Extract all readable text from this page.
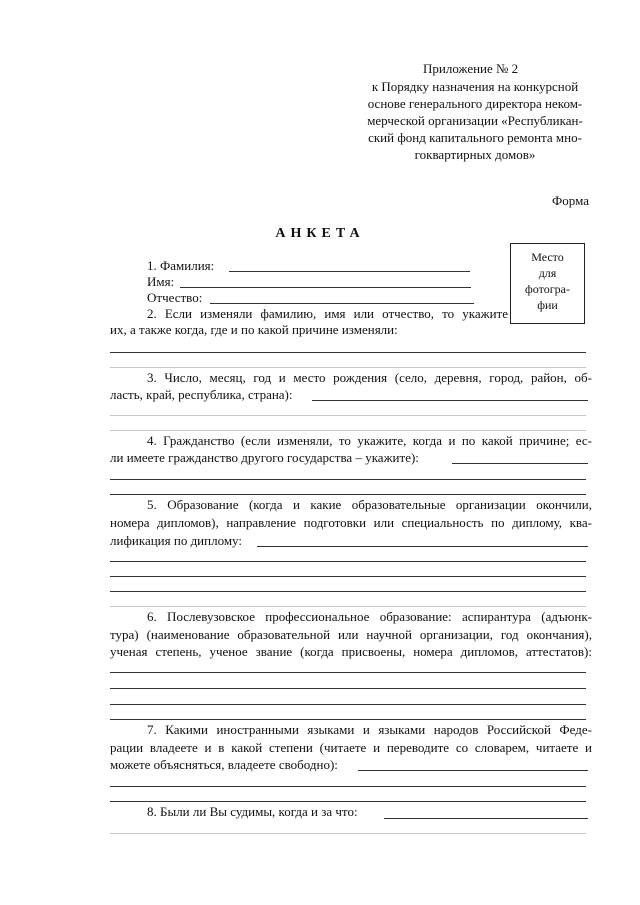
Приложение № 2
к Порядку назначения на конкурсной
основе генерального директора неком-
мерческой организации «Республикан-
ский фонд капитального ремонта мно-
гоквартирных домов»
Форма
АНКЕТА
Место
для
фотогра-
фии
1. Фамилия:
Имя:
Отчество:
2. Если изменяли фамилию, имя или отчество, то укажите
их, а также когда, где и по какой причине изменяли:
3. Число, месяц, год и место рождения (село, деревня, город, район, об-
ласть, край, республика, страна):
4. Гражданство (если изменяли, то укажите, когда и по какой причине; ес-
ли имеете гражданство другого государства – укажите):
5. Образование (когда и какие образовательные организации окончили,
номера дипломов), направление подготовки или специальность по диплому, ква-
лификация по диплому:
6. Послевузовское профессиональное образование: аспирантура (адъюнк-
тура) (наименование образовательной или научной организации, год окончания),
ученая степень, ученое звание (когда присвоены, номера дипломов, аттестатов):
7. Какими иностранными языками и языками народов Российской Феде-
рации владеете и в какой степени (читаете и переводите со словарем, читаете и
можете объясняться, владеете свободно):
8. Были ли Вы судимы, когда и за что:
